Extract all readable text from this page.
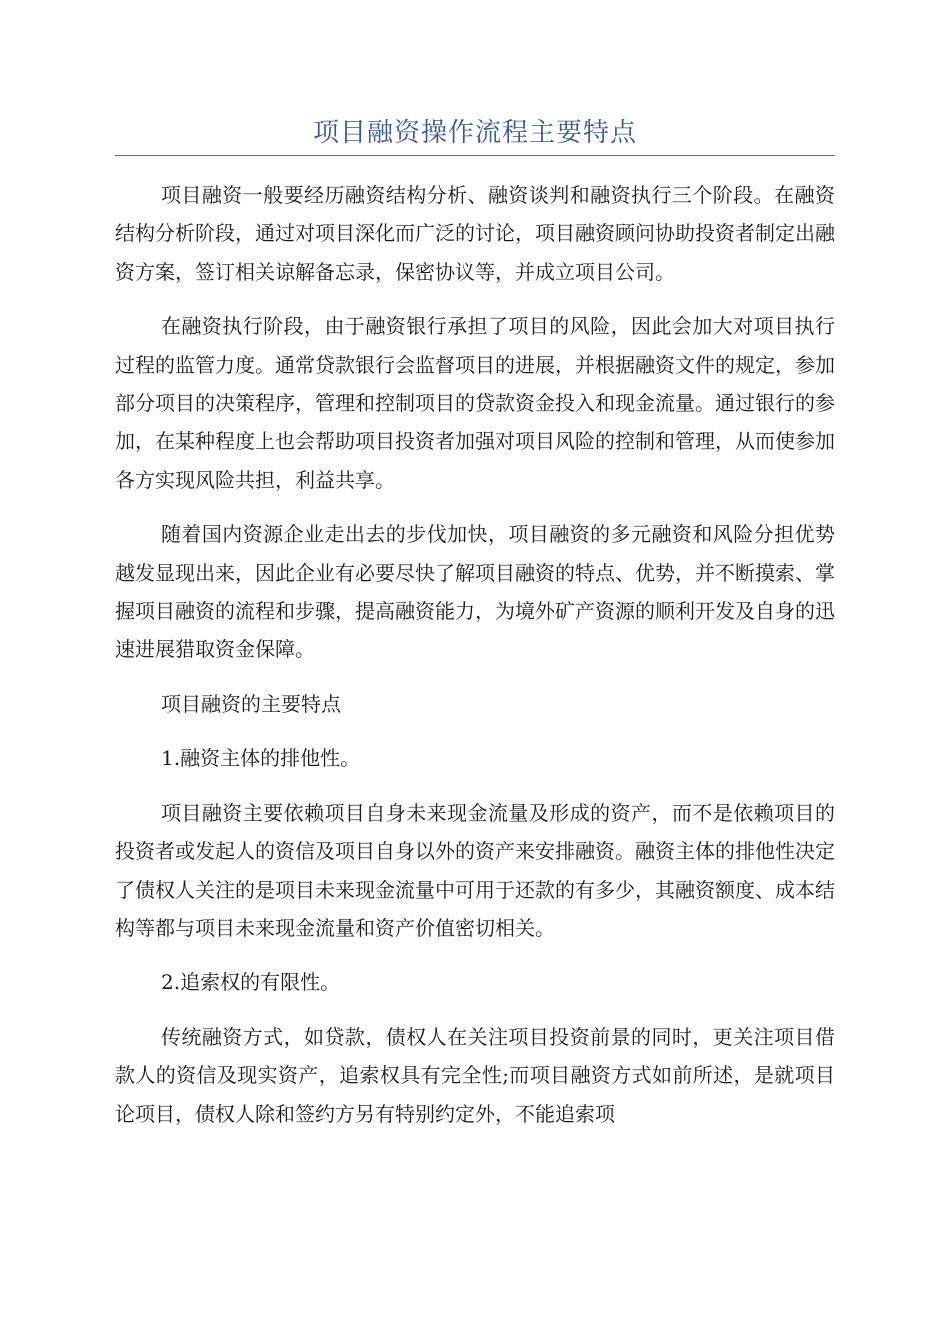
项目融资操作流程主要特点

项目融资一般要经历融资结构分析、融资谈判和融资执行三个阶段。在融资结构分析阶段，通过对项目深化而广泛的讨论，项目融资顾问协助投资者制定出融资方案，签订相关谅解备忘录，保密协议等，并成立项目公司。

在融资执行阶段，由于融资银行承担了项目的风险，因此会加大对项目执行过程的监管力度。通常贷款银行会监督项目的进展，并根据融资文件的规定，参加部分项目的决策程序，管理和控制项目的贷款资金投入和现金流量。通过银行的参加，在某种程度上也会帮助项目投资者加强对项目风险的控制和管理，从而使参加各方实现风险共担，利益共享。

随着国内资源企业走出去的步伐加快，项目融资的多元融资和风险分担优势越发显现出来，因此企业有必要尽快了解项目融资的特点、优势，并不断摸索、掌握项目融资的流程和步骤，提高融资能力，为境外矿产资源的顺利开发及自身的迅速进展猎取资金保障。

项目融资的主要特点

1.融资主体的排他性。

项目融资主要依赖项目自身未来现金流量及形成的资产，而不是依赖项目的投资者或发起人的资信及项目自身以外的资产来安排融资。融资主体的排他性决定了债权人关注的是项目未来现金流量中可用于还款的有多少，其融资额度、成本结构等都与项目未来现金流量和资产价值密切相关。

2.追索权的有限性。

传统融资方式，如贷款，债权人在关注项目投资前景的同时，更关注项目借款人的资信及现实资产，追索权具有完全性;而项目融资方式如前所述，是就项目论项目，债权人除和签约方另有特别约定外，不能追索项
